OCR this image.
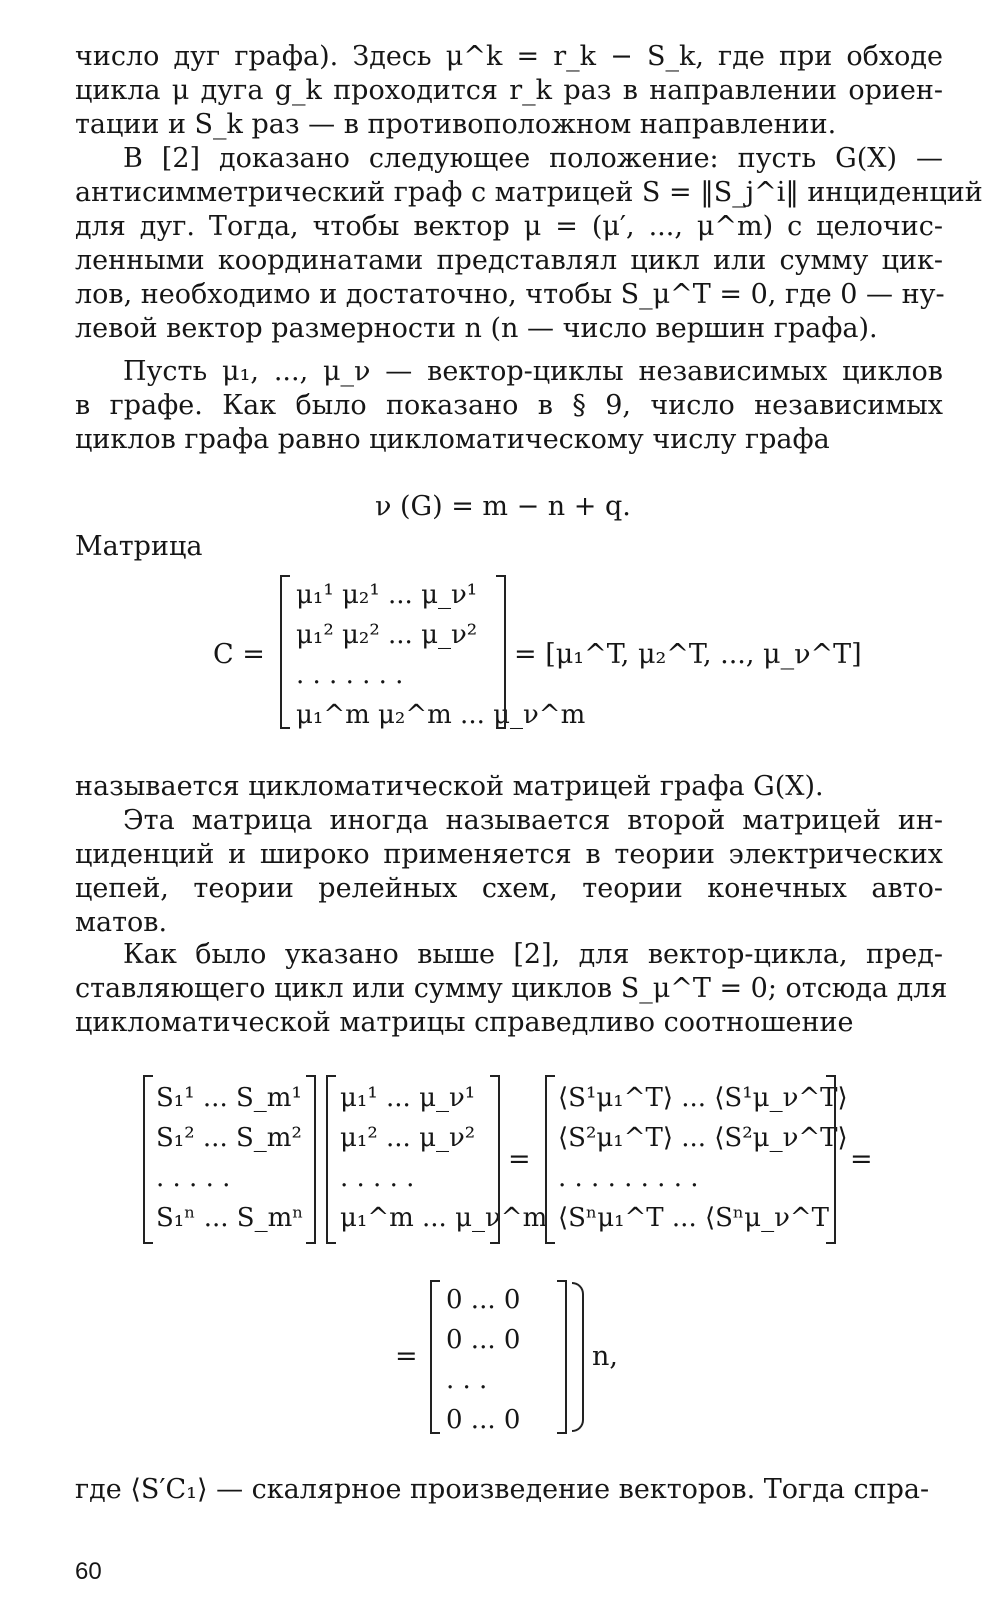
число дуг графа). Здесь μ^k = r_k − S_k, где при обходе
цикла μ дуга g_k проходится r_k раз в направлении ориен-
тации и S_k раз — в противоположном направлении.

В [2] доказано следующее положение: пусть G(X) —
антисимметрический граф с матрицей S = ‖S_j^i‖ инциденций
для дуг. Тогда, чтобы вектор μ = (μ′, ..., μ^m) с целочис-
ленными координатами представлял цикл или сумму цик-
лов, необходимо и достаточно, чтобы S_μ^T = 0, где 0 — ну-
левой вектор размерности n (n — число вершин графа).

Пусть μ₁, ..., μ_ν — вектор-циклы независимых циклов
в графе. Как было показано в § 9, число независимых
циклов графа равно цикломатическому числу графа

ν (G) = m − n + q.
Матрица
C =
μ₁¹ μ₂¹ ... μ_ν¹
μ₁² μ₂² ... μ_ν²
. . . . . . .
μ₁^m μ₂^m ... μ_ν^m
= [μ₁^T, μ₂^T, ..., μ_ν^T]

называется цикломатической матрицей графа G(X).

Эта матрица иногда называется второй матрицей ин-
циденций и широко применяется в теории электрических
цепей, теории релейных схем, теории конечных авто-
матов.

Как было указано выше [2], для вектор-цикла, пред-
ставляющего цикл или сумму циклов S_μ^T = 0; отсюда для
цикломатической матрицы справедливо соотношение

S₁¹ ... S_m¹
S₁² ... S_m²
. . . . .
S₁ⁿ ... S_mⁿ
μ₁¹ ... μ_ν¹
μ₁² ... μ_ν²
. . . . .
μ₁^m ... μ_ν^m
=
⟨S¹μ₁^T⟩ ... ⟨S¹μ_ν^T⟩
⟨S²μ₁^T⟩ ... ⟨S²μ_ν^T⟩
. . . . . . . . .
⟨Sⁿμ₁^T ... ⟨Sⁿμ_ν^T
=
=
0 ... 0
0 ... 0
. . .
0 ... 0
n,

где ⟨S′C₁⟩ — скалярное произведение векторов. Тогда спра-

60
